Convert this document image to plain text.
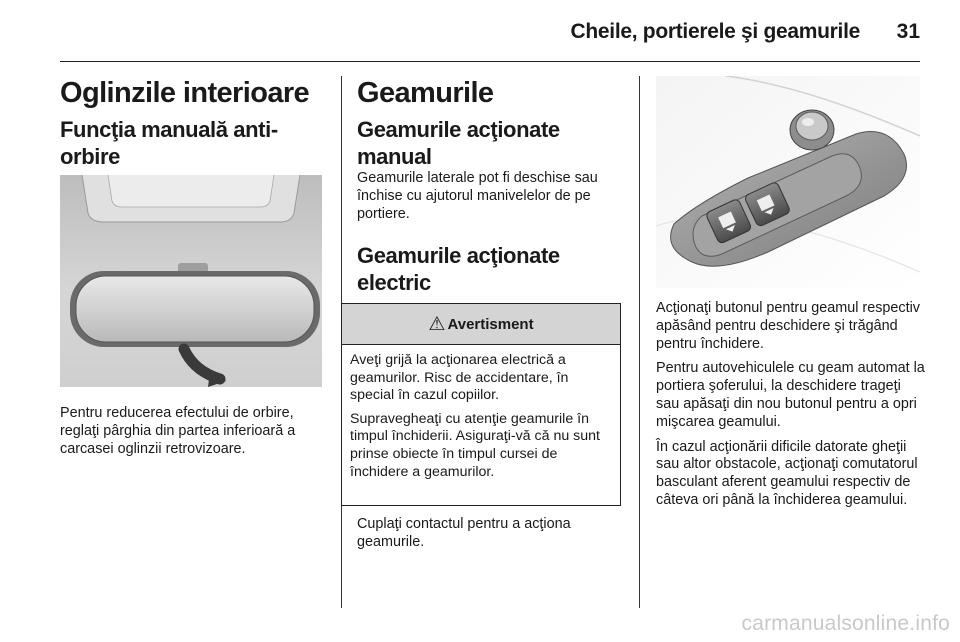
Cheile, portierele şi geamurile	31
Oglinzile interioare
Funcţia manuală anti-orbire

Pentru reducerea efectului de orbire, reglaţi pârghia din partea inferioară a carcasei oglinzii retrovizoare.

Geamurile
Geamurile acţionate manual

Geamurile laterale pot fi deschise sau închise cu ajutorul manivelelor de pe portiere.

Geamurile acţionate electric
⚠ Avertisment

Aveţi grijă la acţionarea electrică a geamurilor. Risc de accidentare, în special în cazul copiilor.

Supravegheaţi cu atenţie geamurile în timpul închiderii. Asiguraţi-vă că nu sunt prinse obiecte în timpul cursei de închidere a geamurilor.

Cuplaţi contactul pentru a acţiona geamurile.

Acţionaţi butonul pentru geamul respectiv apăsând pentru deschidere şi trăgând pentru închidere.

Pentru autovehiculele cu geam automat la portiera şoferului, la deschidere trageţi sau apăsaţi din nou butonul pentru a opri mişcarea geamului.

În cazul acţionării dificile datorate gheţii sau altor obstacole, acţionaţi comutatorul basculant aferent geamului respectiv de câteva ori până la închiderea geamului.

carmanualsonline.info
